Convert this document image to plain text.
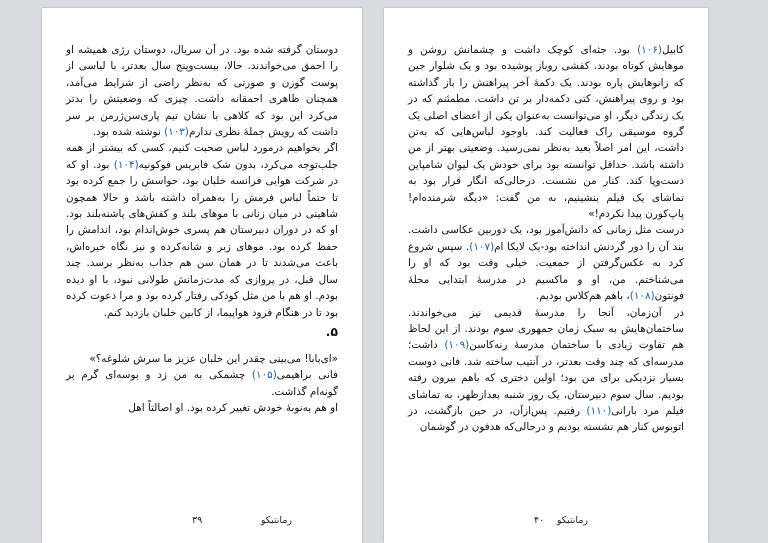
دوستان گرفته شده بود. در آن سریال، دوستان رژی همیشه او را احمق می‌خواندند. حالا، بیست‌وپنج سال بعدتر، با لباسی از پوست گوزن و صورتی که به‌نظر راضی از شرایط می‌آمد، همچنان ظاهری احمقانه داشت. چیزی که وضعیتش را بدتر می‌کرد این بود که کلاهی با نشان تیم پاری‌سن‌ژرمن بر سر داشت که رویش جملهٔ نظری ندارم(۱۰۳) نوشته شده بود.

اگر بخواهیم درمورد لباس صحبت کنیم، کسی که بیشتر از همه جلب‌توجه می‌کرد، بدون شک فابریس فوکونیه(۱۰۴) بود. او که در شرکت هوایی فرانسه خلبان بود، حواسش را جمع کرده بود تا حتماً لباس فرمش را به‌همراه داشته باشد و حالا همچون شاهینی در میان زنانی با موهای بلند و کفش‌های پاشنه‌بلند بود. او که در دوران دبیرستان هم پسری خوش‌اندام بود، اندامش را حفظ کرده بود. موهای زبر و شانه‌کرده و نیز نگاه خیره‌اش، باعث می‌شدند تا در همان سن هم جذاب به‌نظر برسد. چند سال قبل، در پروازی که مدت‌زمانش طولانی نبود، با او دیده بودم. او هم با من مثل کودکی رفتار کرده بود و مرا دعوت کرده بود تا در هنگام فرود هواپیما، از کابین خلبان بازدید کنم.

۵.

«ای‌بابا! می‌بینی چقدر این خلبان عزیز ما سرش شلوغه؟»

فانی براهیمی(۱۰۵) چشمکی به من زد و بوسه‌ای گرم بر گونه‌ام گذاشت.

او هم به‌نوبهٔ خودش تغییر کرده بود. او اصالتاً اهل

رمانتیکو
۳۹

کابیل(۱۰۶) بود. جثه‌ای کوچک داشت و چشمانش روشن و موهایش کوتاه بودند. کفشی روباز پوشیده بود و یک شلوار جین که زانوهایش پاره بودند. یک دکمهٔ آخر پیراهنش را باز گذاشته بود و روی پیراهنش، کتی دکمه‌دار بر تن داشت. مطمئنم که در یک زندگی دیگر، او می‌توانست به‌عنوان یکی از اعضای اصلی یک گروه موسیقی راک فعالیت کند. باوجود لباس‌هایی که به‌تن داشت، این امر اصلاً بعید به‌نظر نمی‌رسید. وضعیتی بهتر از من داشته باشد. حداقل توانسته بود برای خودش یک لیوان شامپاین دست‌وپا کند. کنار من نشست. درحالی‌که انگار قرار بود به تماشای یک فیلم بنشینیم، به من گفت: «دیگه شرمنده‌ام! پاپ‌کورن پیدا نکردم!»

درست مثل زمانی که دانش‌آموز بود، یک دوربین عکاسی داشت. بند آن را دور گردنش انداخته بود-یک لایکا ام(۱۰۷). سپس شروع کرد به عکس‌گرفتن از جمعیت. خیلی وقت بود که او را می‌شناختم. من، او و ماکسیم در مدرسهٔ ابتدایی محلهٔ فونتون(۱۰۸)، باهم هم‌کلاس بودیم.

در آن‌زمان، آنجا را مدرسهٔ قدیمی نیز می‌خواندند. ساختمان‌هایش به سبک زمان جمهوری سوم بودند. از این لحاظ هم تفاوت زیادی با ساختمان مدرسهٔ رنه‌کاسن(۱۰۹) داشت؛ مدرسه‌ای که چند وقت بعدتر، در آنتیب ساخته شد. فانی دوست بسیار نزدیکی برای من بود؛ اولین دختری که باهم بیرون رفته بودیم. سال سوم دبیرستان، یک روز شنبه بعدازظهر، به تماشای فیلم مرد بارانی(۱۱۰) رفتیم. پس‌ازآن، در حین بازگشت، در اتوبوس کنار هم نشسته بودیم و درحالی‌که هدفون در گوشمان

رمانتیکو
۴۰
